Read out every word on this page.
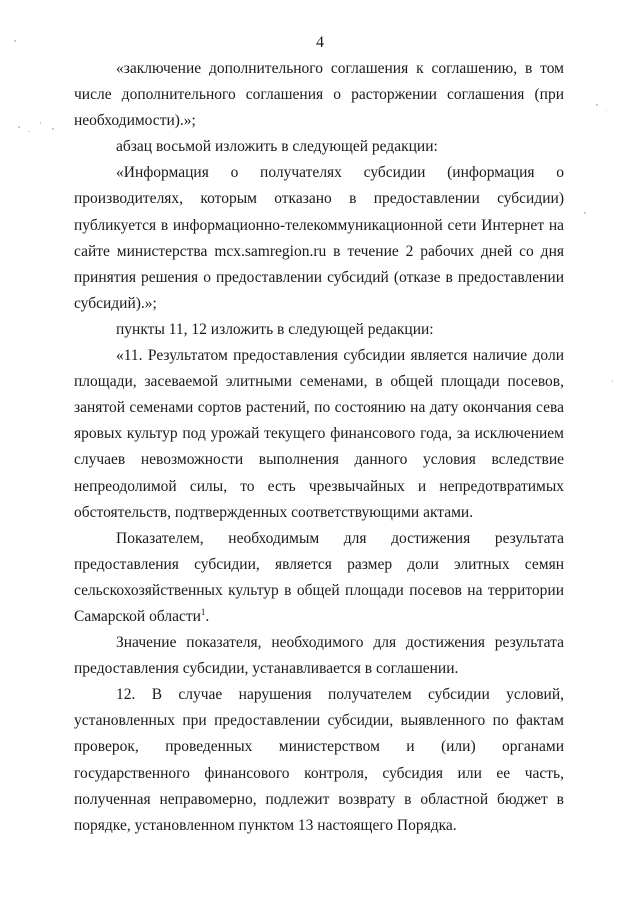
4

«заключение дополнительного соглашения к соглашению, в том числе дополнительного соглашения о расторжении соглашения (при необходимости).»;

абзац восьмой изложить в следующей редакции:

«Информация о получателях субсидии (информация о производителях, которым отказано в предоставлении субсидии) публикуется в информационно-телекоммуникационной сети Интернет на сайте министерства mcx.samregion.ru в течение 2 рабочих дней со дня принятия решения о предоставлении субсидий (отказе в предоставлении субсидий).»;

пункты 11, 12 изложить в следующей редакции:

«11. Результатом предоставления субсидии является наличие доли площади, засеваемой элитными семенами, в общей площади посевов, занятой семенами сортов растений, по состоянию на дату окончания сева яровых культур под урожай текущего финансового года, за исключением случаев невозможности выполнения данного условия вследствие непреодолимой силы, то есть чрезвычайных и непредотвратимых обстоятельств, подтвержденных соответствующими актами.

Показателем, необходимым для достижения результата предоставления субсидии, является размер доли элитных семян сельскохозяйственных культур в общей площади посевов на территории Самарской области$^1$.

Значение показателя, необходимого для достижения результата предоставления субсидии, устанавливается в соглашении.

12. В случае нарушения получателем субсидии условий, установленных при предоставлении субсидии, выявленного по фактам проверок, проведенных министерством и (или) органами государственного финансового контроля, субсидия или ее часть, полученная неправомерно, подлежит возврату в областной бюджет в порядке, установленном пунктом 13 настоящего Порядка.
